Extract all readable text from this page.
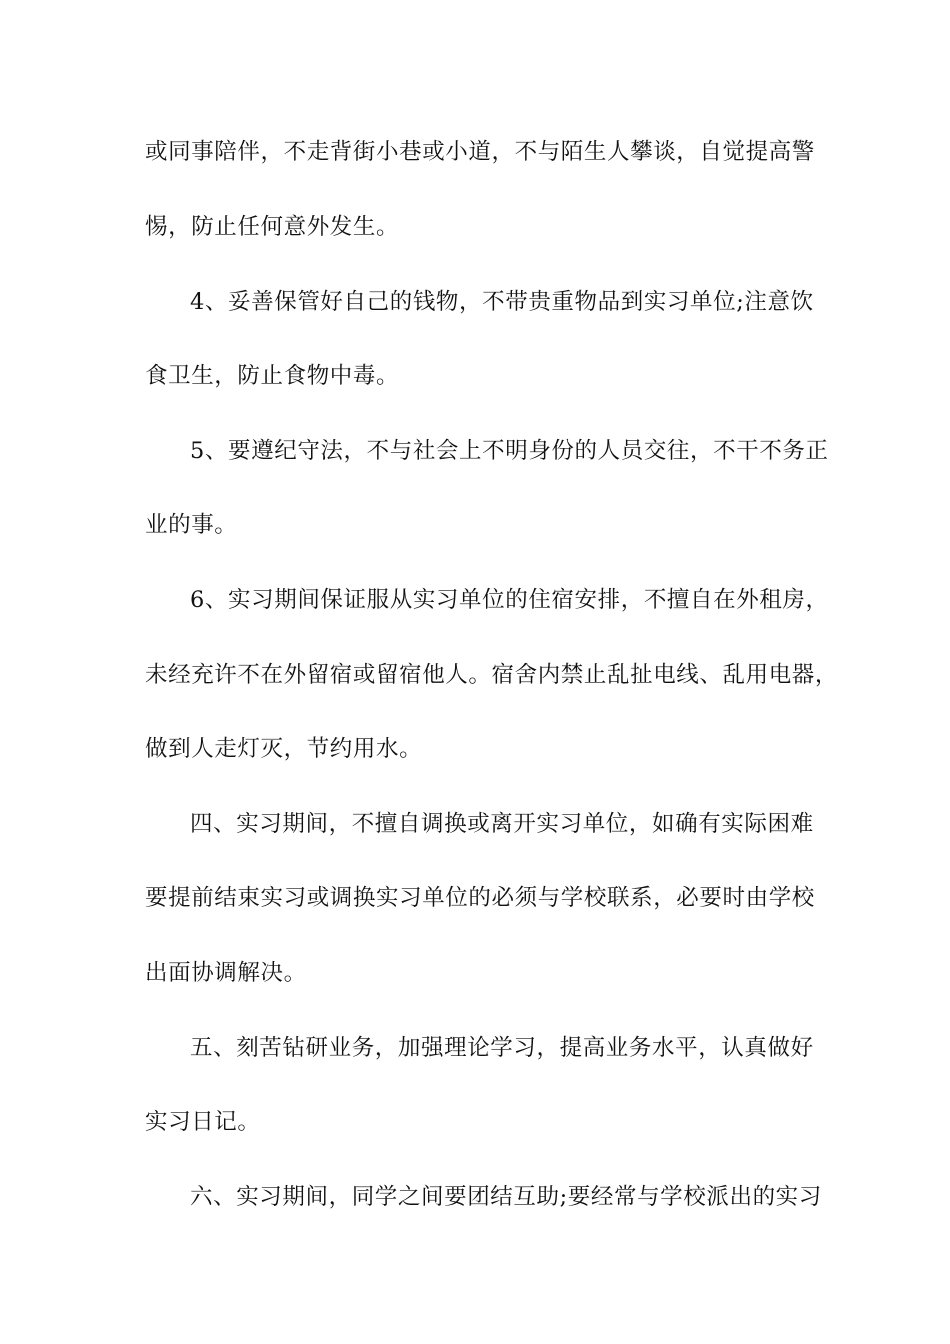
或同事陪伴，不走背街小巷或小道，不与陌生人攀谈，自觉提高警
惕，防止任何意外发生。
4、妥善保管好自己的钱物，不带贵重物品到实习单位;注意饮
食卫生，防止食物中毒。
5、要遵纪守法，不与社会上不明身份的人员交往，不干不务正
业的事。
6、实习期间保证服从实习单位的住宿安排，不擅自在外租房，
未经充许不在外留宿或留宿他人。宿舍内禁止乱扯电线、乱用电器，
做到人走灯灭，节约用水。
四、实习期间，不擅自调换或离开实习单位，如确有实际困难
要提前结束实习或调换实习单位的必须与学校联系，必要时由学校
出面协调解决。
五、刻苦钻研业务，加强理论学习，提高业务水平，认真做好
实习日记。
六、实习期间，同学之间要团结互助;要经常与学校派出的实习
